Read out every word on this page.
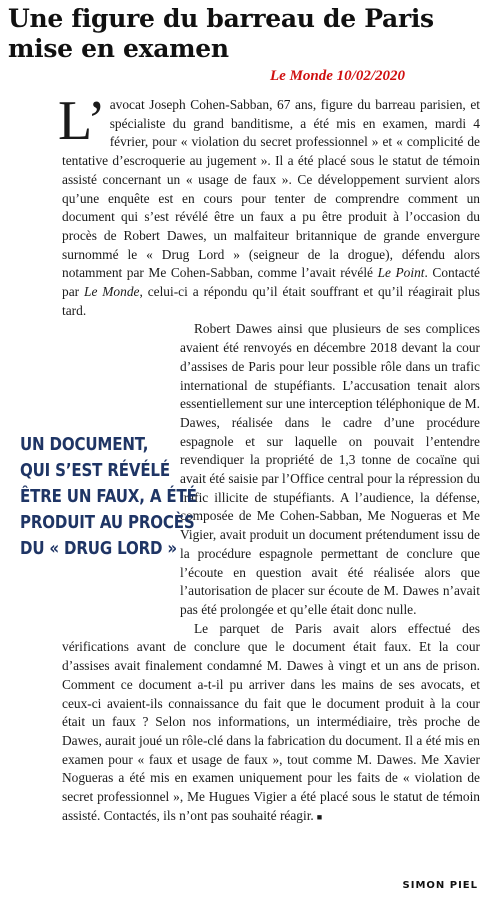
Une figure du barreau de Paris
mise en examen
Le Monde 10/02/2020
L’ avocat Joseph Cohen-Sabban, 67 ans, figure du barreau parisien, et spécialiste du grand banditisme, a été mis en examen, mardi 4 février, pour « violation du secret professionnel » et « complicité de tentative d’escroquerie au jugement ». Il a été placé sous le statut de témoin assisté concernant un « usage de faux ». Ce développement survient alors qu’une enquête est en cours pour tenter de comprendre comment un document qui s’est révélé être un faux a pu être produit à l’occasion du procès de Robert Dawes, un malfaiteur britannique de grande envergure surnommé le « Drug Lord » (seigneur de la drogue), défendu alors notamment par Me Cohen-Sabban, comme l’avait révélé Le Point. Contacté par Le Monde, celui-ci a répondu qu’il était souffrant et qu’il réagirait plus tard.

Robert Dawes ainsi que plusieurs de ses complices avaient été renvoyés en décembre 2018 devant la cour d’assises de Paris pour leur possible rôle dans un trafic international de stupéfiants. L’accusation tenait alors essentiellement sur une interception téléphonique de M. Dawes, réalisée dans le cadre d’une procédure espagnole et sur laquelle on pouvait l’entendre revendiquer la propriété de 1,3 tonne de cocaïne qui avait été saisie par l’Office central pour la répression du trafic illicite de stupéfiants. A l’audience, la défense, composée de Me Cohen-Sabban, Me Nogueras et Me Vigier, avait produit un document prétendument issu de la procédure espagnole permettant de conclure que l’écoute en question avait été réalisée alors que l’autorisation de placer sur écoute de M. Dawes n’avait pas été prolongée et qu’elle était donc nulle.

Le parquet de Paris avait alors effectué des vérifications avant de conclure que le document était faux. Et la cour d’assises avait finalement condamné M. Dawes à vingt et un ans de prison. Comment ce document a-t-il pu arriver dans les mains de ses avocats, et ceux-ci avaient-ils connaissance du fait que le document produit à la cour était un faux ? Selon nos informations, un intermédiaire, très proche de Dawes, aurait joué un rôle-clé dans la fabrication du document. Il a été mis en examen pour « faux et usage de faux », tout comme M. Dawes. Me Xavier Nogueras a été mis en examen uniquement pour les faits de « violation de secret professionnel », Me Hugues Vigier a été placé sous le statut de témoin assisté. Contactés, ils n’ont pas souhaité réagir. ■

UN DOCUMENT,
QUI S’EST RÉVÉLÉ
ÊTRE UN FAUX, A ÉTÉ
PRODUIT AU PROCÈS
DU « DRUG LORD »
SIMON PIEL
